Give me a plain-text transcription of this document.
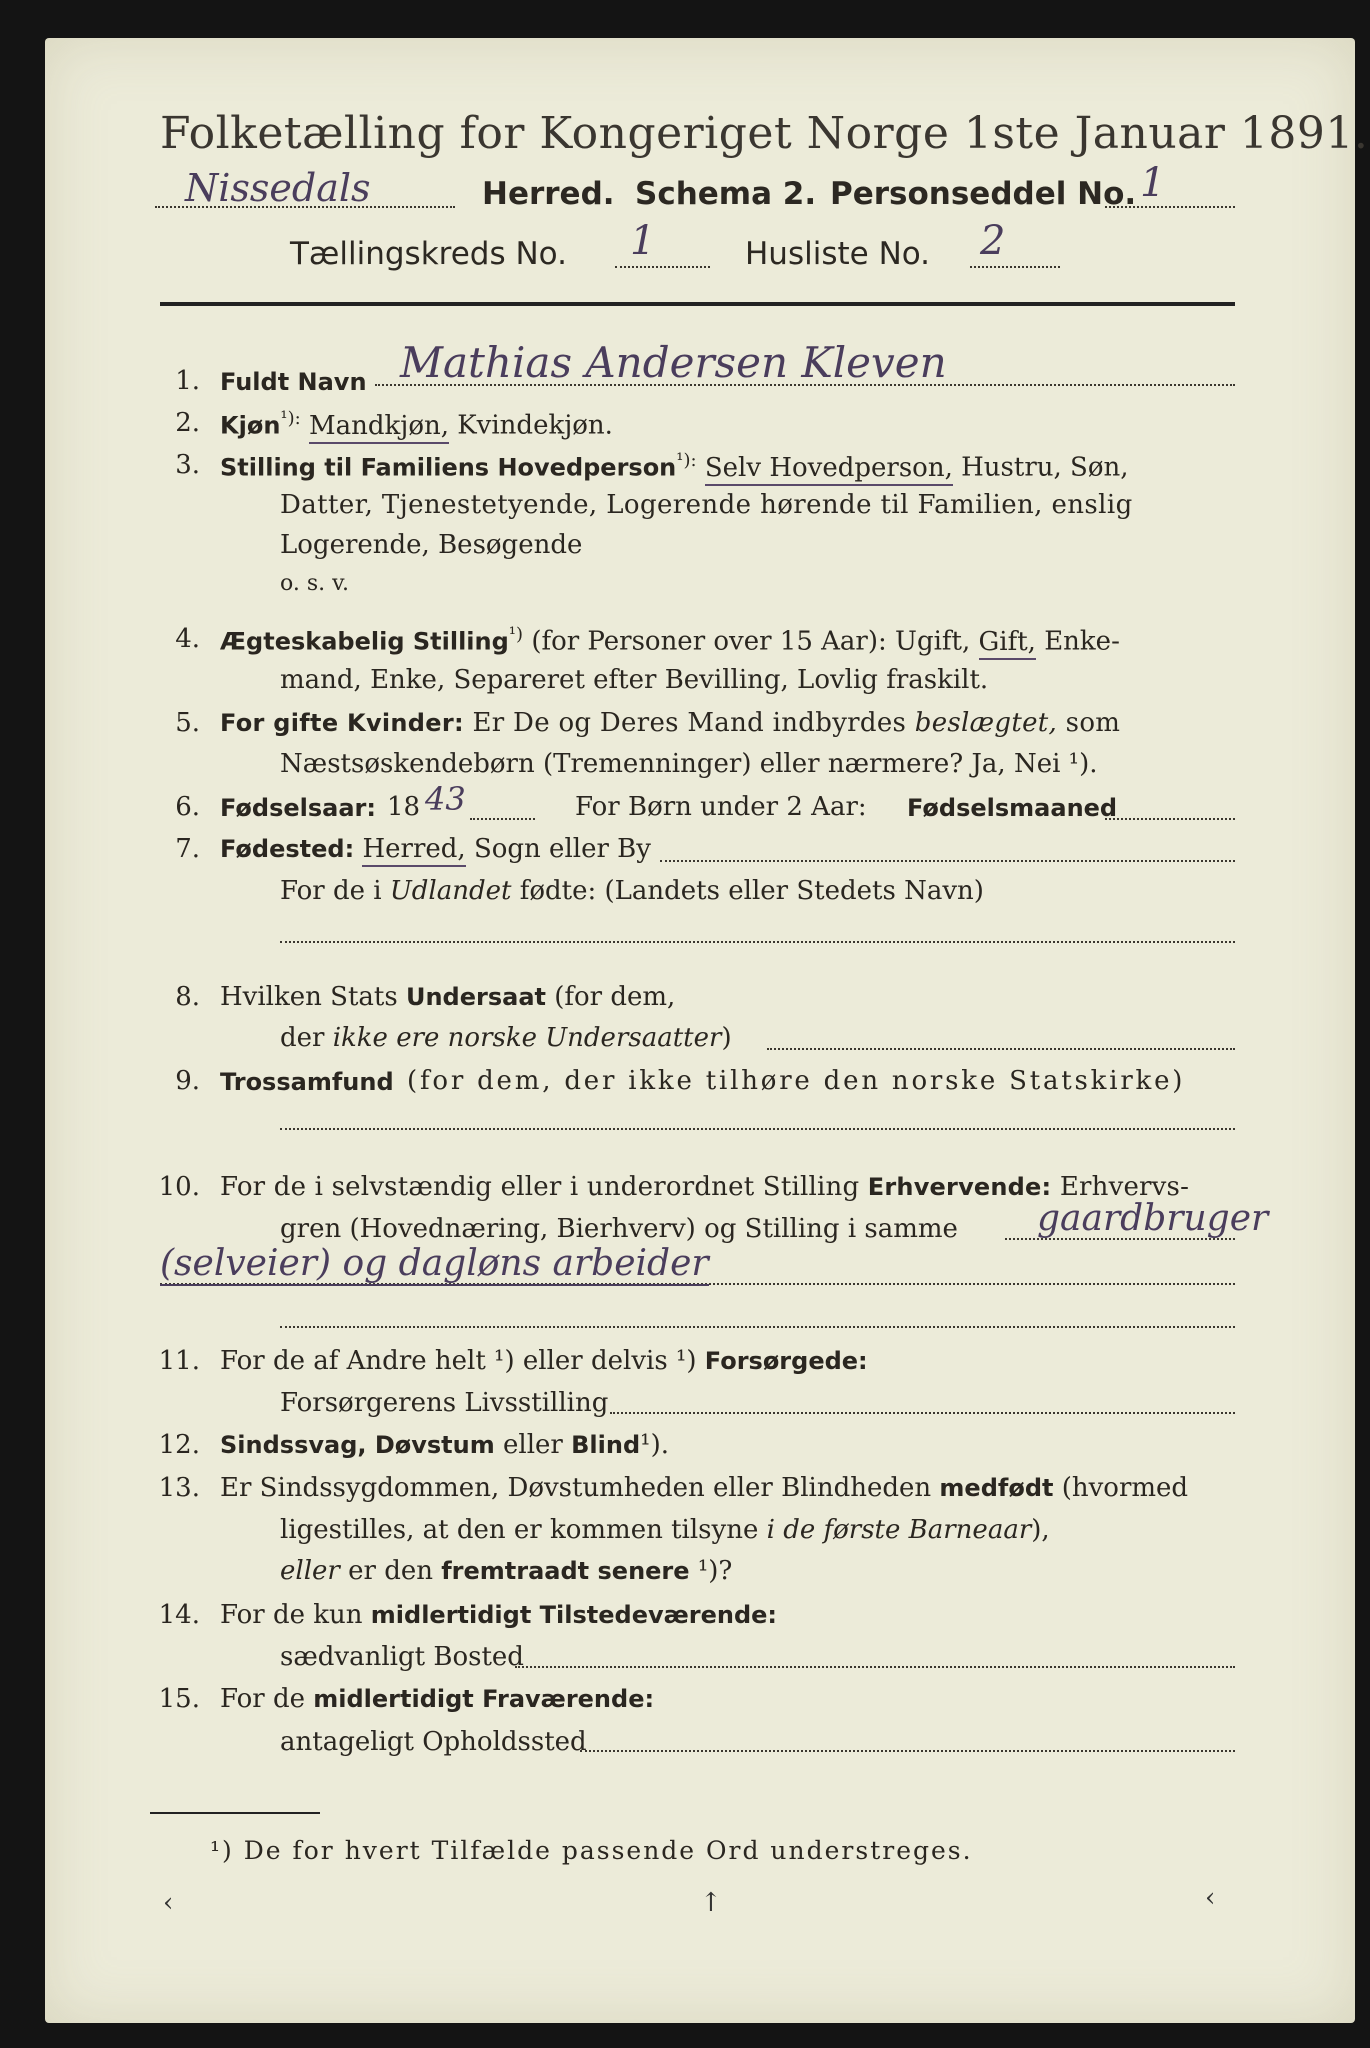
Folketælling for Kongeriget Norge 1ste Januar 1891.
Nissedals	Herred. Schema 2. Personseddel No. 1
Tællingskreds No. 1	Husliste No. 2
1. Fuldt Navn Mathias Andersen Kleven
2. Kjøn$^{^1):}$ Mandkjøn, Kvindekjøn.
3. Stilling til Familiens Hovedperson$^{^1):}$ Selv Hovedperson, Hustru, Søn,
Datter, Tjenestetyende, Logerende hørende til Familien, enslig
Logerende, Besøgende
o. s. v.
4. Ægteskabelig Stilling$^{^1)}$ (for Personer over 15 Aar): Ugift, Gift, Enke-
mand, Enke, Separeret efter Bevilling, Lovlig fraskilt.
5. For gifte Kvinder: Er De og Deres Mand indbyrdes beslægtet, som
Næstsøskendebørn (Tremenninger) eller nærmere? Ja, Nei ¹).
6. Fødselsaar: 18 43	For Børn under 2 Aar: Fødselsmaaned
7. Fødested: Herred, Sogn eller By
For de i Udlandet fødte: (Landets eller Stedets Navn)
8. Hvilken Stats Undersaat (for dem,
der ikke ere norske Undersaatter)
9. Trossamfund (for dem, der ikke tilhøre den norske Statskirke)
10. For de i selvstændig eller i underordnet Stilling Erhvervende: Erhvervs-
gren (Hovednæring, Bierhverv) og Stilling i samme gaardbruger
(selveier) og dagløns arbeider
11. For de af Andre helt ¹) eller delvis ¹) Forsørgede:
Forsørgerens Livsstilling
12. Sindssvag, Døvstum eller Blind¹).
13. Er Sindssygdommen, Døvstumheden eller Blindheden medfødt (hvormed
ligestilles, at den er kommen tilsyne i de første Barneaar),
eller er den fremtraadt senere ¹)?
14. For de kun midlertidigt Tilstedeværende:
sædvanligt Bosted
15. For de midlertidigt Fraværende:
antageligt Opholdssted
¹) De for hvert Tilfælde passende Ord understreges.
‹	↑	‹
